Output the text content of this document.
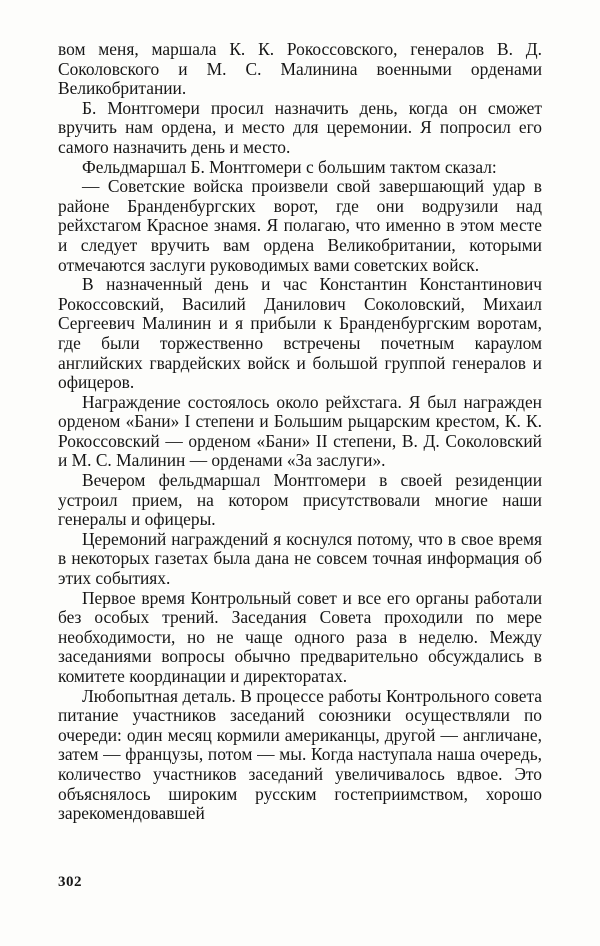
вом меня, маршала К. К. Рокоссовского, генералов В. Д. Соколовского и М. С. Малинина военными орденами Великобритании.

Б. Монтгомери просил назначить день, когда он сможет вручить нам ордена, и место для церемонии. Я попросил его самого назначить день и место.

Фельдмаршал Б. Монтгомери с большим тактом сказал:

— Советские войска произвели свой завершающий удар в районе Бранденбургских ворот, где они водрузили над рейхстагом Красное знамя. Я полагаю, что именно в этом месте и следует вручить вам ордена Великобритании, которыми отмечаются заслуги руководимых вами советских войск.

В назначенный день и час Константин Константинович Рокоссовский, Василий Данилович Соколовский, Михаил Сергеевич Малинин и я прибыли к Бранденбургским воротам, где были торжественно встречены почетным караулом английских гвардейских войск и большой группой генералов и офицеров.

Награждение состоялось около рейхстага. Я был награжден орденом «Бани» I степени и Большим рыцарским крестом, К. К. Рокоссовский — орденом «Бани» II степени, В. Д. Соколовский и М. С. Малинин — орденами «За заслуги».

Вечером фельдмаршал Монтгомери в своей резиденции устроил прием, на котором присутствовали многие наши генералы и офицеры.

Церемоний награждений я коснулся потому, что в свое время в некоторых газетах была дана не совсем точная информация об этих событиях.

Первое время Контрольный совет и все его органы работали без особых трений. Заседания Совета проходили по мере необходимости, но не чаще одного раза в неделю. Между заседаниями вопросы обычно предварительно обсуждались в комитете координации и директоратах.

Любопытная деталь. В процессе работы Контрольного совета питание участников заседаний союзники осуществляли по очереди: один месяц кормили американцы, другой — англичане, затем — французы, потом — мы. Когда наступала наша очередь, количество участников заседаний увеличивалось вдвое. Это объяснялось широким русским гостеприимством, хорошо зарекомендовавшей

302
